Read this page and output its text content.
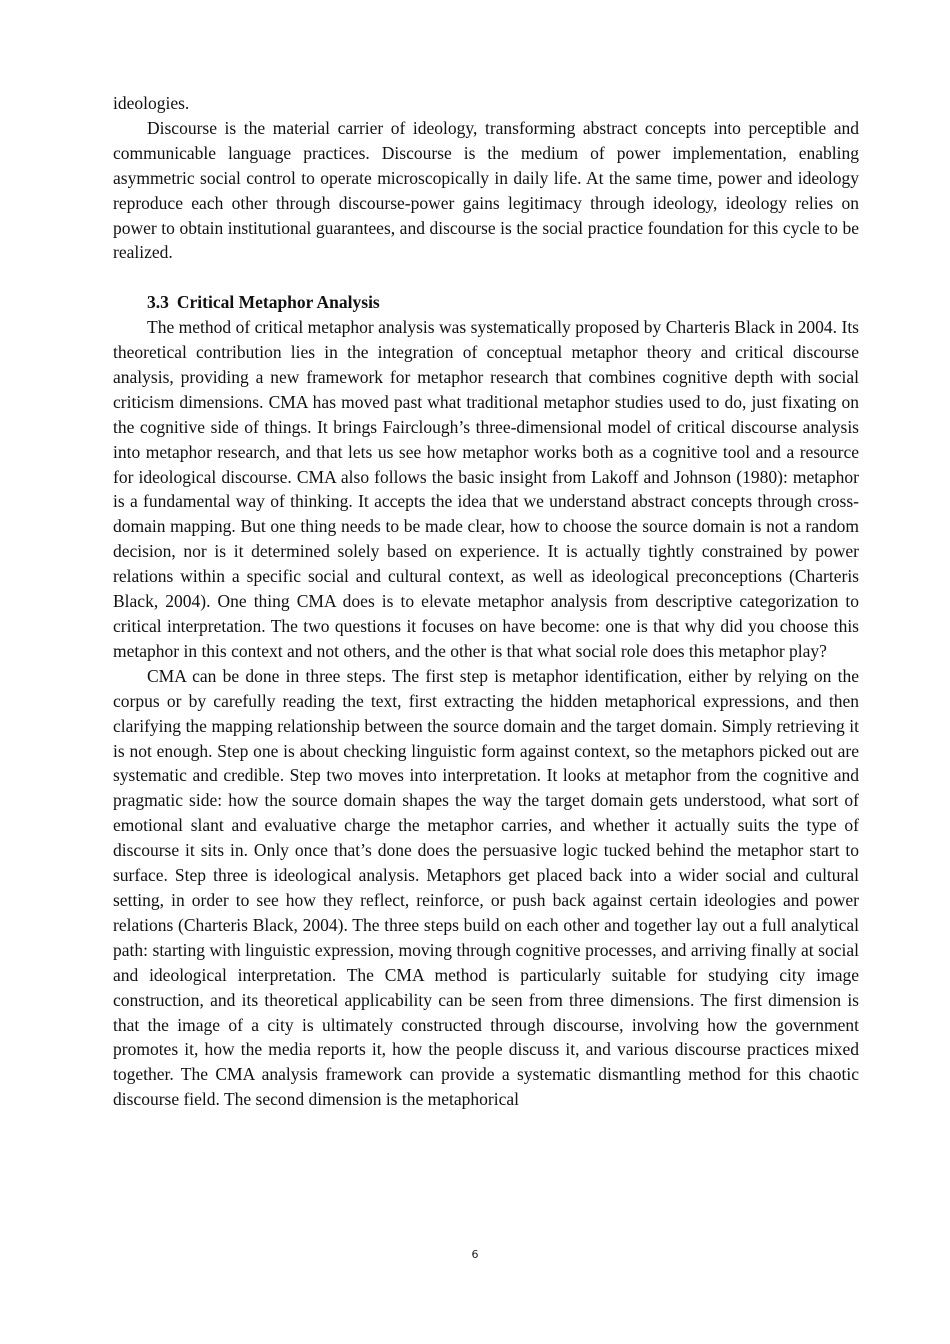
ideologies.

Discourse is the material carrier of ideology, transforming abstract concepts into perceptible and communicable language practices. Discourse is the medium of power implementation, enabling asymmetric social control to operate microscopically in daily life. At the same time, power and ideology reproduce each other through discourse-power gains legitimacy through ideology, ideology relies on power to obtain institutional guarantees, and discourse is the social practice foundation for this cycle to be realized.

3.3 Critical Metaphor Analysis

The method of critical metaphor analysis was systematically proposed by Charteris Black in 2004. Its theoretical contribution lies in the integration of conceptual metaphor theory and critical discourse analysis, providing a new framework for metaphor research that combines cognitive depth with social criticism dimensions. CMA has moved past what traditional metaphor studies used to do, just fixating on the cognitive side of things. It brings Fairclough’s three-dimensional model of critical discourse analysis into metaphor research, and that lets us see how metaphor works both as a cognitive tool and a resource for ideological discourse. CMA also follows the basic insight from Lakoff and Johnson (1980): metaphor is a fundamental way of thinking. It accepts the idea that we understand abstract concepts through cross-domain mapping. But one thing needs to be made clear, how to choose the source domain is not a random decision, nor is it determined solely based on experience. It is actually tightly constrained by power relations within a specific social and cultural context, as well as ideological preconceptions (Charteris Black, 2004). One thing CMA does is to elevate metaphor analysis from descriptive categorization to critical interpretation. The two questions it focuses on have become: one is that why did you choose this metaphor in this context and not others, and the other is that what social role does this metaphor play?

CMA can be done in three steps. The first step is metaphor identification, either by relying on the corpus or by carefully reading the text, first extracting the hidden metaphorical expressions, and then clarifying the mapping relationship between the source domain and the target domain. Simply retrieving it is not enough. Step one is about checking linguistic form against context, so the metaphors picked out are systematic and credible. Step two moves into interpretation. It looks at metaphor from the cognitive and pragmatic side: how the source domain shapes the way the target domain gets understood, what sort of emotional slant and evaluative charge the metaphor carries, and whether it actually suits the type of discourse it sits in. Only once that’s done does the persuasive logic tucked behind the metaphor start to surface. Step three is ideological analysis. Metaphors get placed back into a wider social and cultural setting, in order to see how they reflect, reinforce, or push back against certain ideologies and power relations (Charteris Black, 2004). The three steps build on each other and together lay out a full analytical path: starting with linguistic expression, moving through cognitive processes, and arriving finally at social and ideological interpretation. The CMA method is particularly suitable for studying city image construction, and its theoretical applicability can be seen from three dimensions. The first dimension is that the image of a city is ultimately constructed through discourse, involving how the government promotes it, how the media reports it, how the people discuss it, and various discourse practices mixed together. The CMA analysis framework can provide a systematic dismantling method for this chaotic discourse field. The second dimension is the metaphorical

6
